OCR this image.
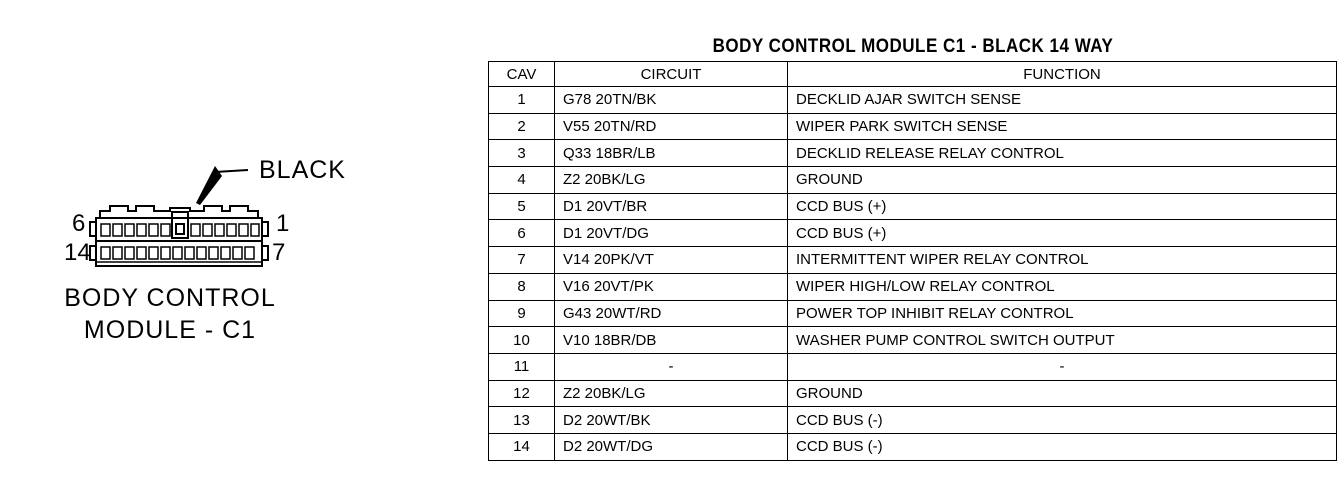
BLACK
6	1
14	7
BODY CONTROL
MODULE - C1
BODY CONTROL MODULE C1 - BLACK 14 WAY
CAV	CIRCUIT	FUNCTION
1	G78 20TN/BK	DECKLID AJAR SWITCH SENSE
2	V55 20TN/RD	WIPER PARK SWITCH SENSE
3	Q33 18BR/LB	DECKLID RELEASE RELAY CONTROL
4	Z2 20BK/LG	GROUND
5	D1 20VT/BR	CCD BUS (+)
6	D1 20VT/DG	CCD BUS (+)
7	V14 20PK/VT	INTERMITTENT WIPER RELAY CONTROL
8	V16 20VT/PK	WIPER HIGH/LOW RELAY CONTROL
9	G43 20WT/RD	POWER TOP INHIBIT RELAY CONTROL
10	V10 18BR/DB	WASHER PUMP CONTROL SWITCH OUTPUT
11	-	-
12	Z2 20BK/LG	GROUND
13	D2 20WT/BK	CCD BUS (-)
14	D2 20WT/DG	CCD BUS (-)
